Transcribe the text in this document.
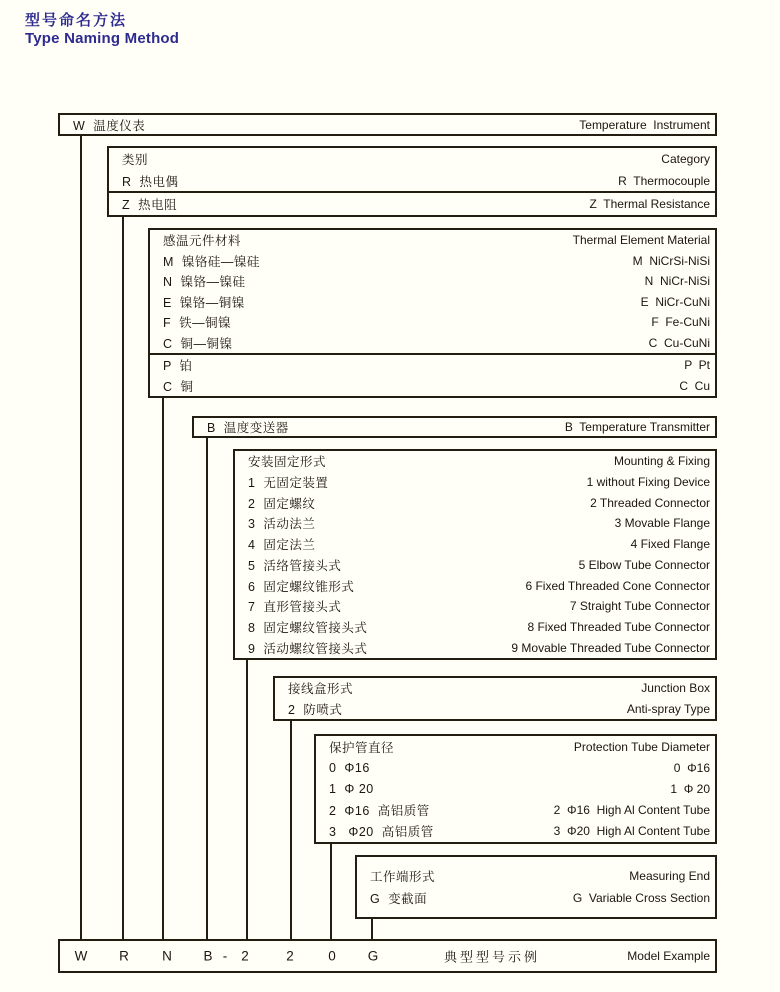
型号命名方法
Type Naming Method
W  温度仪表	Temperature  Instrument
类别	Category
R  热电偶	R  Thermocouple
Z  热电阻	Z  Thermal Resistance
感温元件材料	Thermal Element Material
M  镍铬硅—镍硅	M  NiCrSi-NiSi
N  镍铬—镍硅	N  NiCr-NiSi
E  镍铬—铜镍	E  NiCr-CuNi
F  铁—铜镍	F  Fe-CuNi
C  铜—铜镍	C  Cu-CuNi
P  铂	P  Pt
C  铜	C  Cu
B  温度变送器	B  Temperature Transmitter
安装固定形式	Mounting & Fixing
1  无固定装置	1 without Fixing Device
2  固定螺纹	2 Threaded Connector
3  活动法兰	3 Movable Flange
4  固定法兰	4 Fixed Flange
5  活络管接头式	5 Elbow Tube Connector
6  固定螺纹锥形式	6 Fixed Threaded Cone Connector
7  直形管接头式	7 Straight Tube Connector
8  固定螺纹管接头式	8 Fixed Threaded Tube Connector
9  活动螺纹管接头式	9 Movable Threaded Tube Connector
接线盒形式	Junction Box
2  防喷式	Anti-spray Type
保护管直径	Protection Tube Diameter
0  Φ16	0  Φ16
1  Φ 20	1  Φ 20
2  Φ16  高铝质管	2  Φ16  High Al Content Tube
3   Φ20  高铝质管	3  Φ20  High Al Content Tube
工作端形式	Measuring End
G  变截面	G  Variable Cross Section
W R N B - 2	2	0 G	典型型号示例	Model Example
